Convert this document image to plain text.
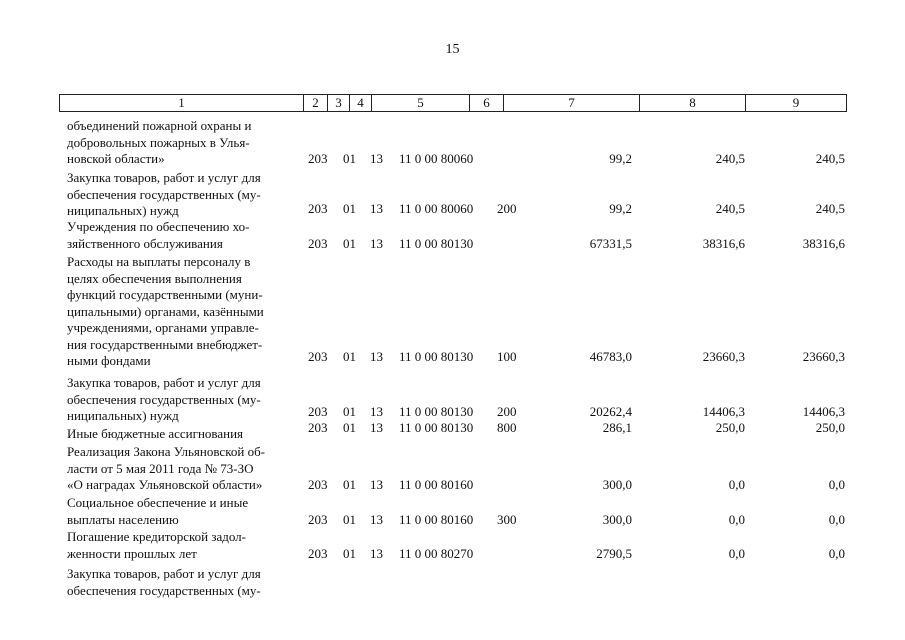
15
1	2	3	4	5	6	7	8	9
объединений пожарной охраны и
добровольных пожарных в Улья-
новской области»	203 01 13 11 0 00 80060	99,2	240,5	240,5
Закупка товаров, работ и услуг для
обеспечения государственных (му-
ниципальных) нужд	203 01 13 11 0 00 80060 200	99,2	240,5	240,5
Учреждения по обеспечению хо-
зяйственного обслуживания	203 01 13 11 0 00 80130	67331,5	38316,6	38316,6
Расходы на выплаты персоналу в
целях обеспечения выполнения
функций государственными (муни-
ципальными) органами, казёнными
учреждениями, органами управле-
ния государственными внебюджет-
ными фондами	203 01 13 11 0 00 80130 100	46783,0	23660,3	23660,3
Закупка товаров, работ и услуг для
обеспечения государственных (му-
ниципальных) нужд	203 01 13 11 0 00 80130 200	20262,4	14406,3	14406,3
Иные бюджетные ассигнования	203 01 13 11 0 00 80130 800	286,1	250,0	250,0
Реализация Закона Ульяновской об-
ласти от 5 мая 2011 года № 73-ЗО
«О наградах Ульяновской области»	203 01 13 11 0 00 80160	300,0	0,0	0,0
Социальное обеспечение и иные
выплаты населению	203 01 13 11 0 00 80160 300	300,0	0,0	0,0
Погашение кредиторской задол-
женности прошлых лет	203 01 13 11 0 00 80270	2790,5	0,0	0,0
Закупка товаров, работ и услуг для
обеспечения государственных (му-
